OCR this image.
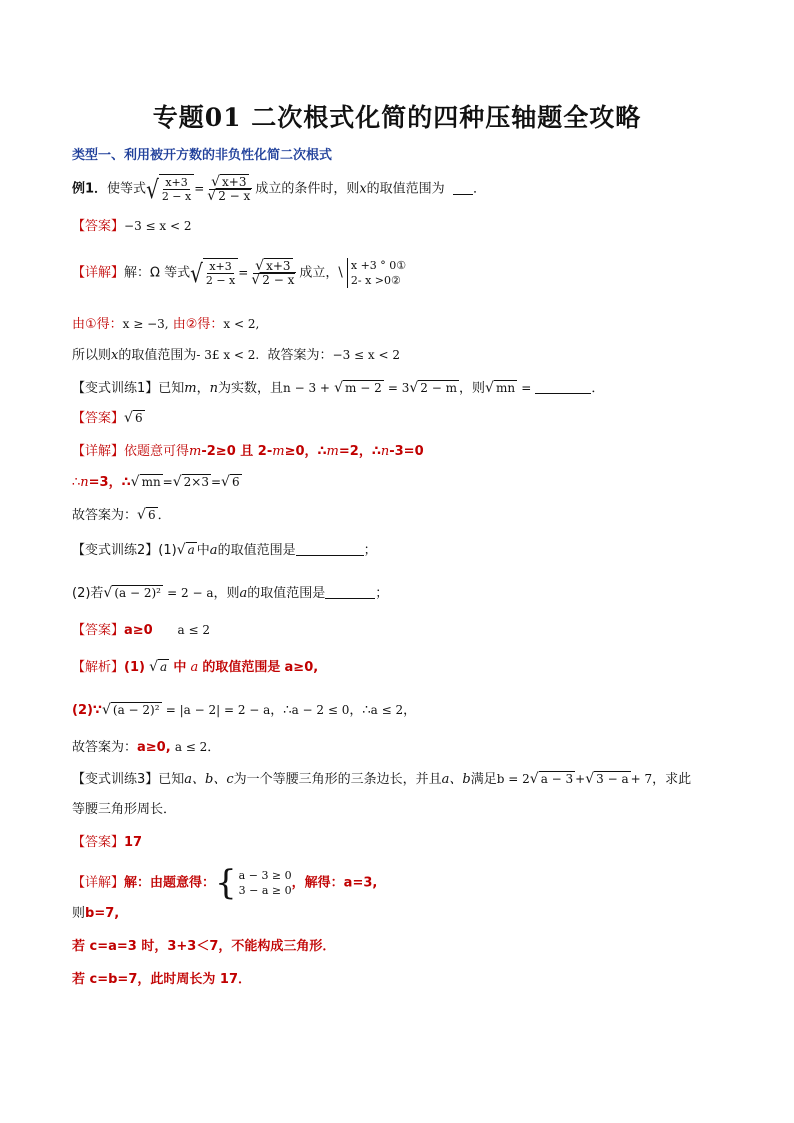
专题01 二次根式化简的四种压轴题全攻略
类型一、利用被开方数的非负性化简二次根式
例1．使等式 √ $\frac{x+3}{2 - x} = \frac{√ x+3}{√ 2 - x}$ 成立的条件时，则x的取值范围为 ．
【答案】−3 ≤ x < 2
【详解】解：Ω 等式 √ $\frac{x+3}{2 - x} = \frac{√ x+3}{√ 2 - x}$ 成立，\ x +3 ° 0①
2- x >0②
由①得：x ≥ −3, 由②得：x < 2,
所以则x的取值范围为- 3£ x < 2. 故答案为：−3 ≤ x < 2
【变式训练1】已知m，n为实数，且n − 3 + √ m − 2 = 3√ 2 − m ，则√ mn =	．
【答案】√ 6
【详解】依题意可得m-2≥0 且 2-m≥0，∴m=2，∴n-3=0
∴n=3，∴√ mn =√ 2×3 =√ 6
故答案为：√ 6 ．
【变式训练2】(1)√ a 中a的取值范围是	；
(2)若√ (a − 2)² = 2 − a，则a的取值范围是	；
【答案】a≥0 a ≤ 2
【解析】(1) √ a 中 a 的取值范围是 a≥0,
(2)∵√ (a − 2)² = |a − 2| = 2 − a，∴a − 2 ≤ 0，∴a ≤ 2，
故答案为：a≥0, a ≤ 2．
【变式训练3】已知a、b、c为一个等腰三角形的三条边长，并且a、b满足b = 2√ a − 3 +√ 3 − a + 7，求此
等腰三角形周长．
【答案】17
【详解】解：由题意得： { a − 3 ≥ 0
3 − a ≥ 0 ，解得：a=3,
则b=7,
若 c=a=3 时，3+3＜7，不能构成三角形．
若 c=b=7，此时周长为 17．
